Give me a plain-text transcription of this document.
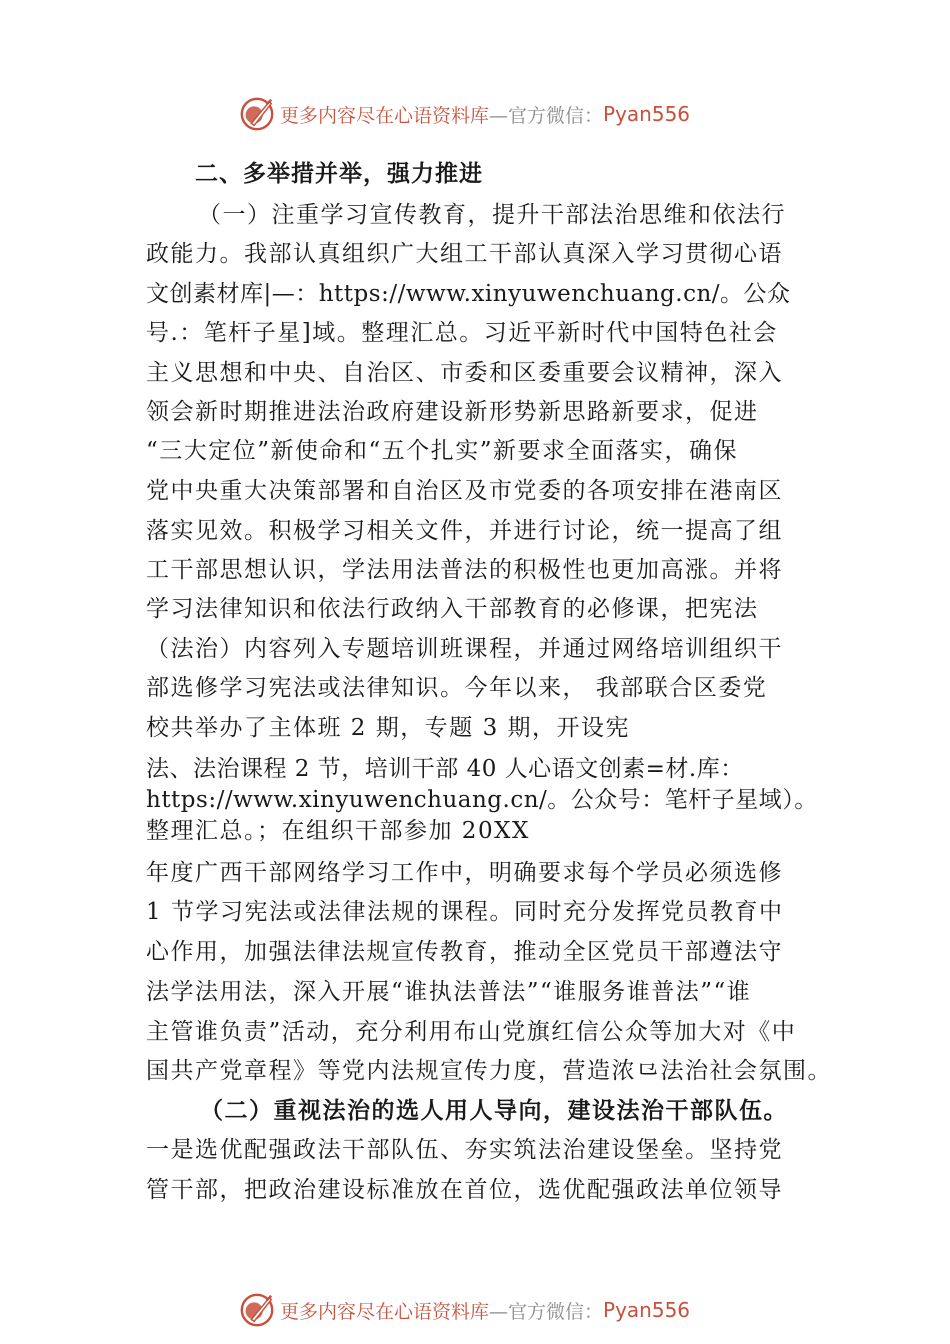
更多内容尽在心语资料库 —官方微信： Pyan556
二、多举措并举，强力推进
（一）注重学习宣传教育，提升干部法治思维和依法行
政能力。我部认真组织广大组工干部认真深入学习贯彻心语
文创素材库|—：https://www.xinyuwenchuang.cn/。公众
号.：笔杆子星]域。整理汇总。习近平新时代中国特色社会
主义思想和中央、自治区、市委和区委重要会议精神，深入
领会新时期推进法治政府建设新形势新思路新要求，促进
“三大定位”新使命和“五个扎实”新要求全面落实，确保
党中央重大决策部署和自治区及市党委的各项安排在港南区
落实见效。积极学习相关文件，并进行讨论，统一提高了组
工干部思想认识，学法用法普法的积极性也更加高涨。并将
学习法律知识和依法行政纳入干部教育的必修课，把宪法
（法治）内容列入专题培训班课程，并通过网络培训组织干
部选修学习宪法或法律知识。今年以来， 我部联合区委党
校共举办了主体班 2 期，专题 3 期，开设宪
法、法治课程 2 节，培训干部 40 人心语文创素=材.库：
https://www.xinyuwenchuang.cn/。公众号：笔杆子星域）。
整理汇总。；在组织干部参加 20XX
年度广西干部网络学习工作中，明确要求每个学员必须选修
1 节学习宪法或法律法规的课程。同时充分发挥党员教育中
心作用，加强法律法规宣传教育，推动全区党员干部遵法守
法学法用法，深入开展“谁执法普法”“谁服务谁普法”“谁
主管谁负责”活动，充分利用布山党旗红信公众等加大对《中
国共产党章程》等党内法规宣传力度，营造浓⺋法治社会氛围。
（二）重视法治的选人用人导向，建设法治干部队伍。
一是选优配强政法干部队伍、夯实筑法治建设堡垒。坚持党
管干部，把政治建设标准放在首位，选优配强政法单位领导
更多内容尽在心语资料库 —官方微信： Pyan556
